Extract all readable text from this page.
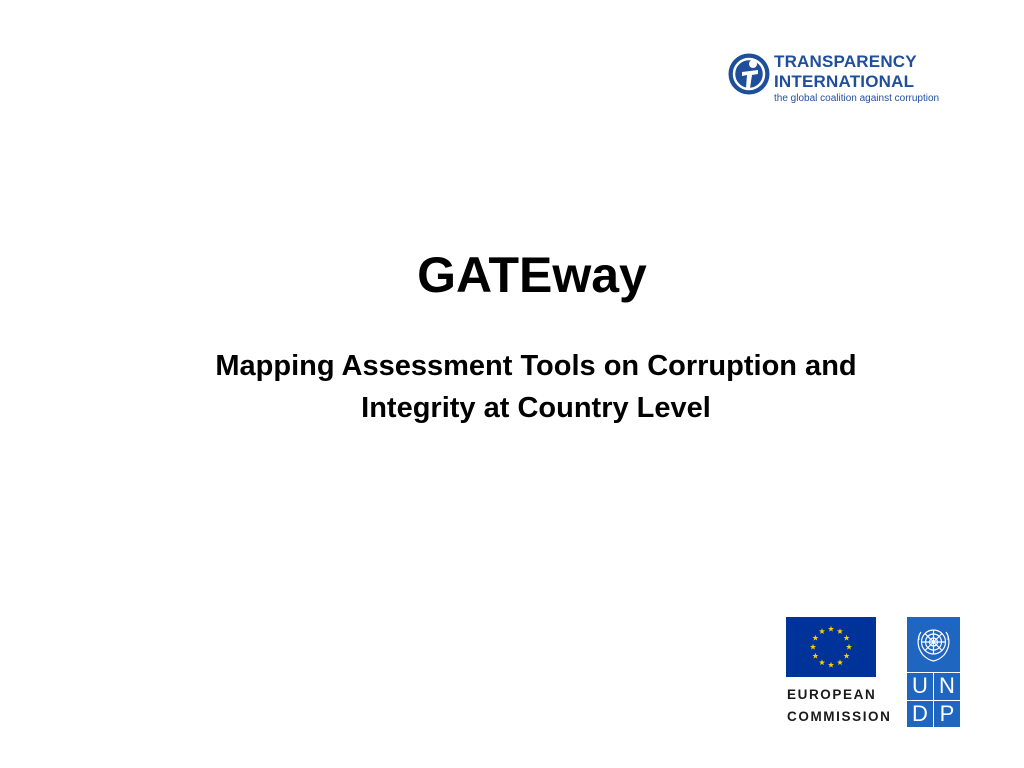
TRANSPARENCY
INTERNATIONAL
the global coalition against corruption
GATEway
Mapping Assessment Tools on Corruption and
Integrity at Country Level
EUROPEAN
COMMISSION
U N
D P
